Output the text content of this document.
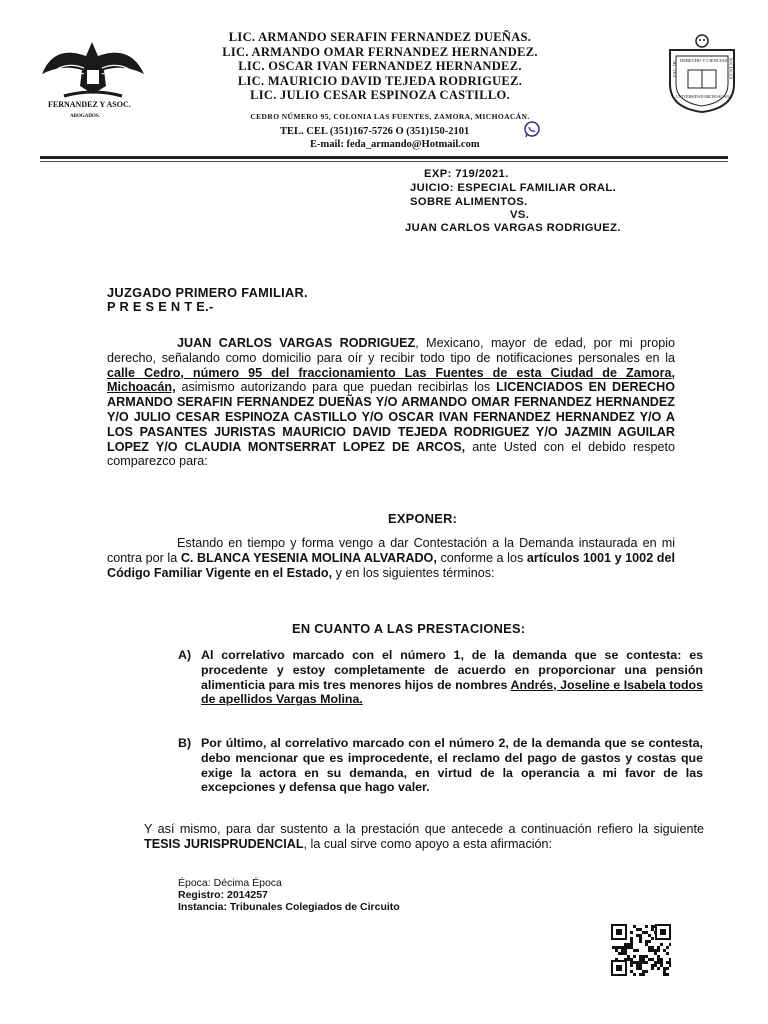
FERNANDEZ Y ASOC.
ABOGADOS.
DERECHO Y CIENCIAS
FAC. DE	SOCIALES
UNIVERSIDAD MICHOACANA
LIC. ARMANDO SERAFIN FERNANDEZ DUEÑAS.
LIC. ARMANDO OMAR FERNANDEZ HERNANDEZ.
LIC. OSCAR IVAN FERNANDEZ HERNANDEZ.
LIC. MAURICIO DAVID TEJEDA RODRIGUEZ.
LIC. JULIO CESAR ESPINOZA CASTILLO.
CEDRO NÚMERO 95, COLONIA LAS FUENTES, ZAMORA, MICHOACÁN.
TEL. CEL (351)167-5726 O (351)150-2101
E-mail: feda_armando@Hotmail.com
EXP: 719/2021.
JUICIO: ESPECIAL FAMILIAR ORAL.
SOBRE ALIMENTOS.
VS.
JUAN CARLOS VARGAS RODRIGUEZ.
JUZGADO PRIMERO FAMILIAR.
P R E S E N T E.-
JUAN CARLOS VARGAS RODRIGUEZ, Mexicano, mayor de edad, por mi propio derecho, señalando como domicilio para oír y recibir todo tipo de notificaciones personales en la calle Cedro, número 95 del fraccionamiento Las Fuentes de esta Ciudad de Zamora, Michoacán, asimismo autorizando para que puedan recibirlas los LICENCIADOS EN DERECHO ARMANDO SERAFIN FERNANDEZ DUEÑAS Y/O ARMANDO OMAR FERNANDEZ HERNANDEZ Y/O JULIO CESAR ESPINOZA CASTILLO Y/O OSCAR IVAN FERNANDEZ HERNANDEZ Y/O A LOS PASANTES JURISTAS MAURICIO DAVID TEJEDA RODRIGUEZ Y/O JAZMIN AGUILAR LOPEZ Y/O CLAUDIA MONTSERRAT LOPEZ DE ARCOS, ante Usted con el debido respeto comparezco para:
EXPONER:
Estando en tiempo y forma vengo a dar Contestación a la Demanda instaurada en mi contra por la C. BLANCA YESENIA MOLINA ALVARADO, conforme a los artículos 1001 y 1002 del Código Familiar Vigente en el Estado, y en los siguientes términos:
EN CUANTO A LAS PRESTACIONES:
A) Al correlativo marcado con el número 1, de la demanda que se contesta: es procedente y estoy completamente de acuerdo en proporcionar una pensión alimenticia para mis tres menores hijos de nombres Andrés, Joseline e Isabela todos de apellidos Vargas Molina.
B) Por último, al correlativo marcado con el número 2, de la demanda que se contesta, debo mencionar que es improcedente, el reclamo del pago de gastos y costas que exige la actora en su demanda, en virtud de la operancia a mi favor de las excepciones y defensa que hago valer.
Y así mismo, para dar sustento a la prestación que antecede a continuación refiero la siguiente TESIS JURISPRUDENCIAL, la cual sirve como apoyo a esta afirmación:
Época: Décima Época
Registro: 2014257
Instancia: Tribunales Colegiados de Circuito
